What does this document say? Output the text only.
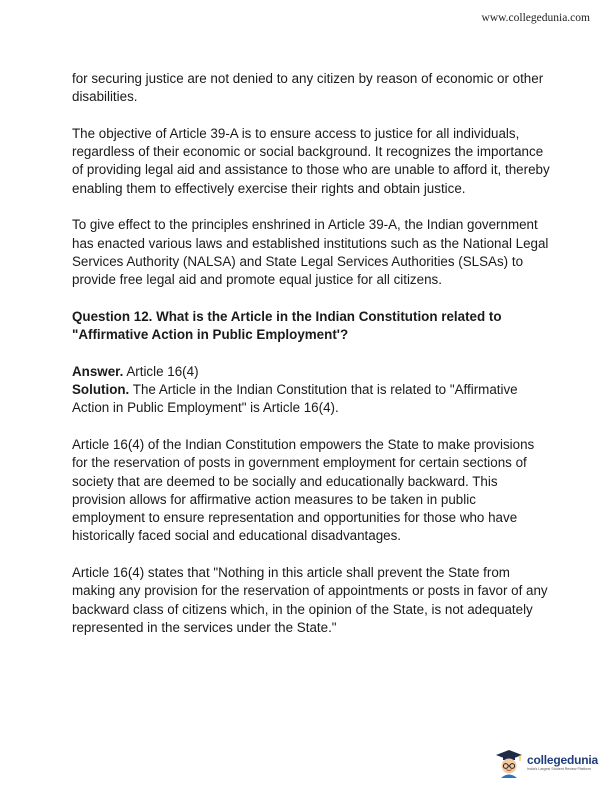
www.collegedunia.com

for securing justice are not denied to any citizen by reason of economic or other disabilities.

The objective of Article 39-A is to ensure access to justice for all individuals, regardless of their economic or social background. It recognizes the importance of providing legal aid and assistance to those who are unable to afford it, thereby enabling them to effectively exercise their rights and obtain justice.

To give effect to the principles enshrined in Article 39-A, the Indian government has enacted various laws and established institutions such as the National Legal Services Authority (NALSA) and State Legal Services Authorities (SLSAs) to provide free legal aid and promote equal justice for all citizens.

Question 12. What is the Article in the Indian Constitution related to "Affirmative Action in Public Employment'?

Answer. Article 16(4)
Solution. The Article in the Indian Constitution that is related to "Affirmative Action in Public Employment" is Article 16(4).

Article 16(4) of the Indian Constitution empowers the State to make provisions for the reservation of posts in government employment for certain sections of society that are deemed to be socially and educationally backward. This provision allows for affirmative action measures to be taken in public employment to ensure representation and opportunities for those who have historically faced social and educational disadvantages.

Article 16(4) states that "Nothing in this article shall prevent the State from making any provision for the reservation of appointments or posts in favor of any backward class of citizens which, in the opinion of the State, is not adequately represented in the services under the State."

collegedunia
India's Largest Student Review Platform
